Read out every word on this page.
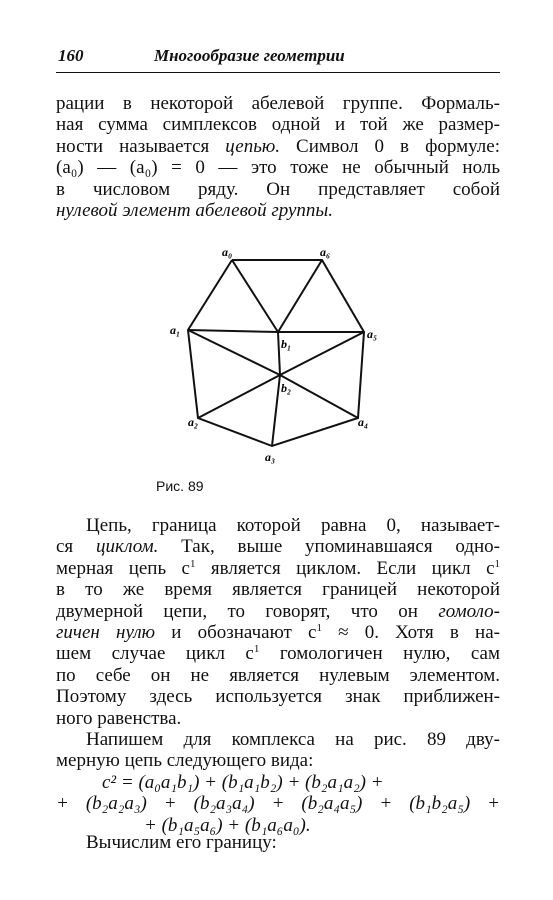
160	Многообразие геометрии
рации в некоторой абелевой группе. Формаль-
ная сумма симплексов одной и той же размер-
ности называется цепью. Символ 0 в формуле:
(a₀) — (a₀) = 0 — это тоже не обычный ноль
в числовом ряду. Он представляет собой
нулевой элемент абелевой группы.
a₀	a₆
a₁
b₁
a₅
b₂
a₂	a₄
a₃
Рис. 89
Цепь, граница которой равна 0, называет-
ся циклом. Так, выше упоминавшаяся одно-
мерная цепь $c^1$ является циклом. Если цикл $c^1$
в то же время является границей некоторой
двумерной цепи, то говорят, что он гомоло-
гичен нулю и обозначают $c^1 \approx 0$. Хотя в на-
шем случае цикл $c^1$ гомологичен нулю, сам
по себе он не является нулевым элементом.
Поэтому здесь используется знак приближен-
ного равенства.
Напишем для комплекса на рис. 89 дву-
мерную цепь следующего вида:
c² = (a₀a₁b₁) + (b₁a₁b₂) + (b₂a₁a₂) +
+ (b₂a₂a₃) + (b₂a₃a₄) + (b₂a₄a₅) + (b₁b₂a₅) +
+ (b₁a₅a₆) + (b₁a₆a₀).
Вычислим его границу:
